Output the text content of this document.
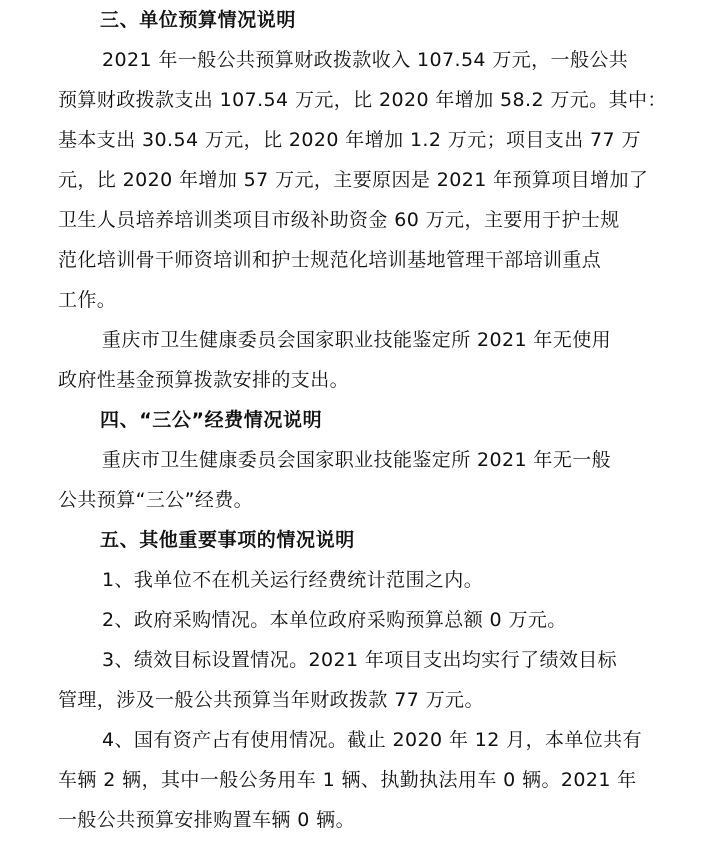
三、单位预算情况说明
2021 年一般公共预算财政拨款收入 107.54 万元，一般公共
预算财政拨款支出 107.54 万元，比 2020 年增加 58.2 万元。其中：
基本支出 30.54 万元，比 2020 年增加 1.2 万元；项目支出 77 万
元，比 2020 年增加 57 万元，主要原因是 2021 年预算项目增加了
卫生人员培养培训类项目市级补助资金 60 万元，主要用于护士规
范化培训骨干师资培训和护士规范化培训基地管理干部培训重点
工作。
重庆市卫生健康委员会国家职业技能鉴定所 2021 年无使用
政府性基金预算拨款安排的支出。
四、“三公”经费情况说明
重庆市卫生健康委员会国家职业技能鉴定所 2021 年无一般
公共预算“三公”经费。
五、其他重要事项的情况说明
1、我单位不在机关运行经费统计范围之内。
2、政府采购情况。本单位政府采购预算总额 0 万元。
3、绩效目标设置情况。2021 年项目支出均实行了绩效目标
管理，涉及一般公共预算当年财政拨款 77 万元。
4、国有资产占有使用情况。截止 2020 年 12 月，本单位共有
车辆 2 辆，其中一般公务用车 1 辆、执勤执法用车 0 辆。2021 年
一般公共预算安排购置车辆 0 辆。
